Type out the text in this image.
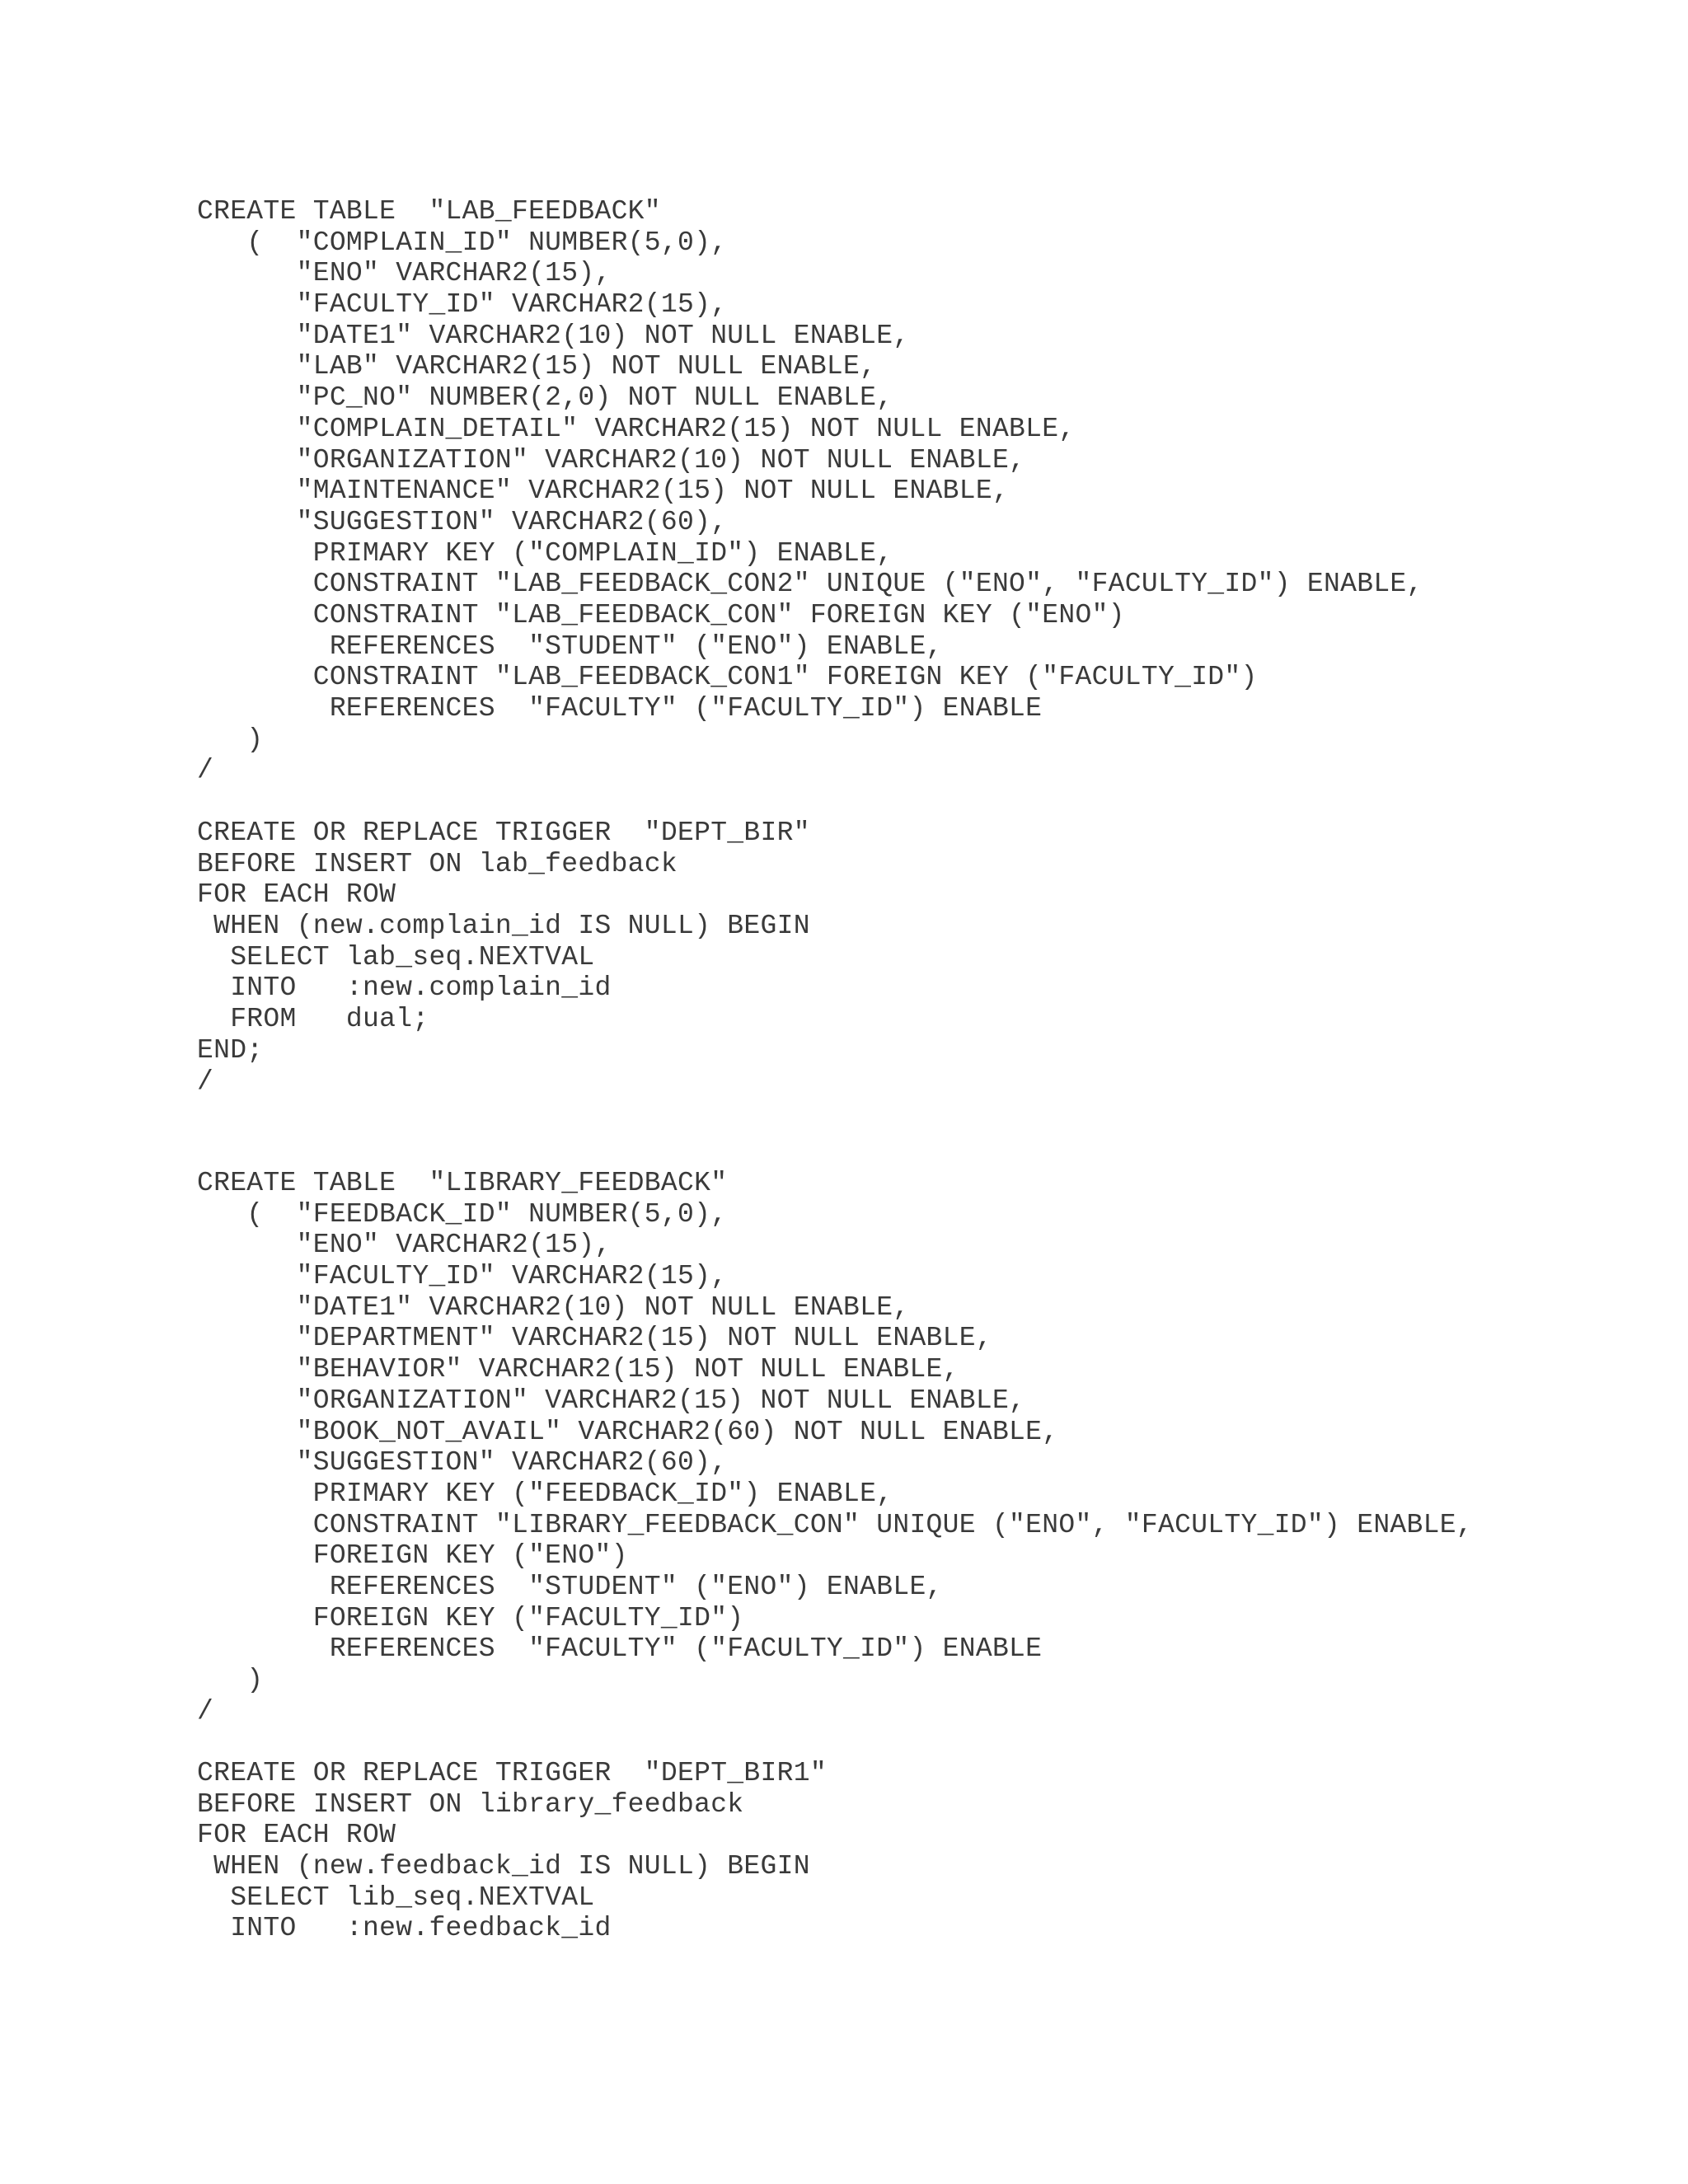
CREATE TABLE  "LAB_FEEDBACK"
(  "COMPLAIN_ID" NUMBER(5,0),
"ENO" VARCHAR2(15),
"FACULTY_ID" VARCHAR2(15),
"DATE1" VARCHAR2(10) NOT NULL ENABLE,
"LAB" VARCHAR2(15) NOT NULL ENABLE,
"PC_NO" NUMBER(2,0) NOT NULL ENABLE,
"COMPLAIN_DETAIL" VARCHAR2(15) NOT NULL ENABLE,
"ORGANIZATION" VARCHAR2(10) NOT NULL ENABLE,
"MAINTENANCE" VARCHAR2(15) NOT NULL ENABLE,
"SUGGESTION" VARCHAR2(60),
PRIMARY KEY ("COMPLAIN_ID") ENABLE,
CONSTRAINT "LAB_FEEDBACK_CON2" UNIQUE ("ENO", "FACULTY_ID") ENABLE,
CONSTRAINT "LAB_FEEDBACK_CON" FOREIGN KEY ("ENO")
REFERENCES  "STUDENT" ("ENO") ENABLE,
CONSTRAINT "LAB_FEEDBACK_CON1" FOREIGN KEY ("FACULTY_ID")
REFERENCES  "FACULTY" ("FACULTY_ID") ENABLE
)
/
CREATE OR REPLACE TRIGGER  "DEPT_BIR"
BEFORE INSERT ON lab_feedback
FOR EACH ROW
WHEN (new.complain_id IS NULL) BEGIN
SELECT lab_seq.NEXTVAL
INTO   :new.complain_id
FROM   dual;
END;
/
CREATE TABLE  "LIBRARY_FEEDBACK"
(  "FEEDBACK_ID" NUMBER(5,0),
"ENO" VARCHAR2(15),
"FACULTY_ID" VARCHAR2(15),
"DATE1" VARCHAR2(10) NOT NULL ENABLE,
"DEPARTMENT" VARCHAR2(15) NOT NULL ENABLE,
"BEHAVIOR" VARCHAR2(15) NOT NULL ENABLE,
"ORGANIZATION" VARCHAR2(15) NOT NULL ENABLE,
"BOOK_NOT_AVAIL" VARCHAR2(60) NOT NULL ENABLE,
"SUGGESTION" VARCHAR2(60),
PRIMARY KEY ("FEEDBACK_ID") ENABLE,
CONSTRAINT "LIBRARY_FEEDBACK_CON" UNIQUE ("ENO", "FACULTY_ID") ENABLE,
FOREIGN KEY ("ENO")
REFERENCES  "STUDENT" ("ENO") ENABLE,
FOREIGN KEY ("FACULTY_ID")
REFERENCES  "FACULTY" ("FACULTY_ID") ENABLE
)
/
CREATE OR REPLACE TRIGGER  "DEPT_BIR1"
BEFORE INSERT ON library_feedback
FOR EACH ROW
WHEN (new.feedback_id IS NULL) BEGIN
SELECT lib_seq.NEXTVAL
INTO   :new.feedback_id
